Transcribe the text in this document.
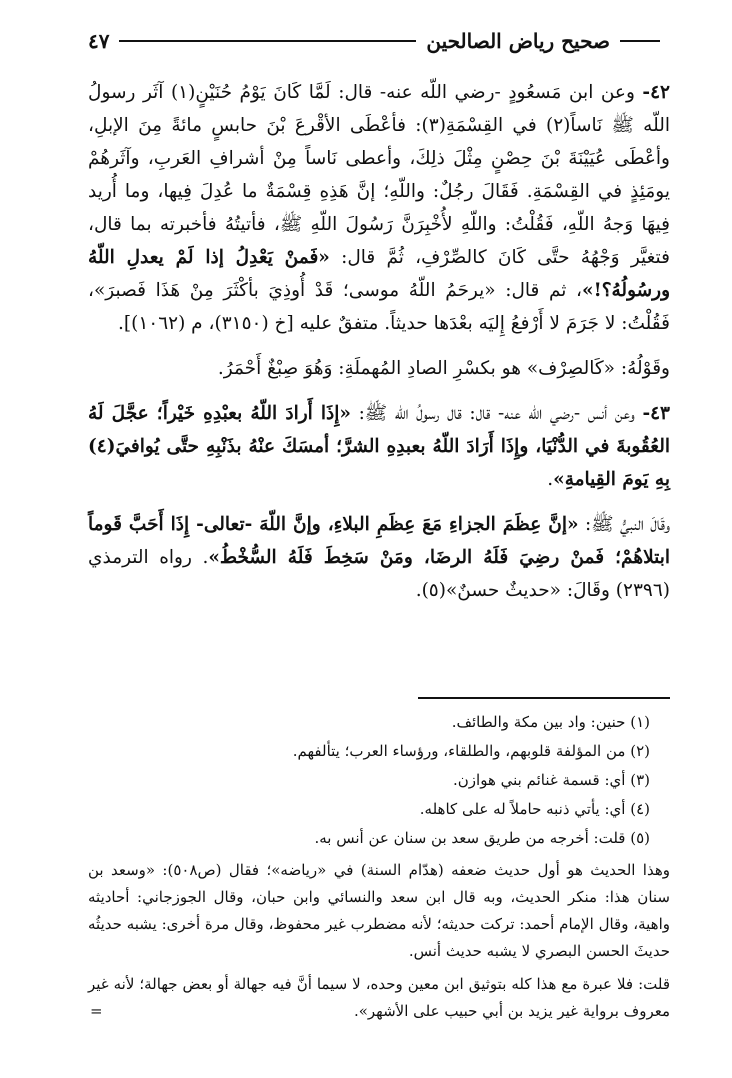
صحيح رياض الصالحين
٤٧

٤٢- وعن ابن مَسعُودٍ -رضي اللّه عنه- قال: لَمَّا كَانَ يَوْمُ حُنَيْنٍ(١) آثَر رسولُ اللّه ﷺ نَاساً(٢) في القِسْمَةِ(٣): فأعْطَى الأقْرعَ بْنَ حابسٍ مائةً مِنَ الإبلِ، وأعْطَى عُيَيْنَةَ بْنَ حِصْنٍ مِثْلَ ذلِكَ، وأعطى نَاساً مِنْ أشرافِ العَربِ، وآثَرهُمْ يومَئِذٍ في القِسْمَةِ. فَقَالَ رجُلٌ: واللّهِ؛ إنَّ هَذِهِ قِسْمَةٌ ما عُدِلَ فِيها، وما أُريد فِيهَا وَجهُ اللّهِ، فَقُلْتُ: واللّهِ لأُخْبِرَنَّ رَسُولَ اللّهِ ﷺ، فأتيتُهُ فأخبرته بما قال، فتغيَّر وَجْهُهُ حتَّى كَانَ كالصِّرْفِ، ثُمَّ قال: «فَمنْ يَعْدِلُ إذا لَمْ يعدلِ اللّهُ ورسُولُهُ؟!»، ثم قال: «يرحَمُ اللّهُ موسى؛ قَدْ أُوذِيَ بأكْثَرَ مِنْ هَذَا فَصبرَ»، فَقُلْتُ: لا جَرَمَ لا أَرْفعُ إِليَه بعْدَها حديثاً. متفقٌ عليه [خ (٣١٥٠)، م (١٠٦٢)].

وقَوْلُهُ: «كَالصِرْف» هو بكسْرِ الصادِ المُهملَةِ: وَهُوَ صِبْغٌ أَحْمَرُ.

٤٣- وعن أنس -رضي اللّه عنه- قال: قال رسولُ اللّه ﷺ: «إِذَا أَرادَ اللّهُ بعبْدِهِ خَيْراً؛ عجَّلَ لَهُ العُقُوبةَ في الدُّنْيَا، وإِذَا أَرَادَ اللّهُ بعبدِهِ الشرَّ؛ أمسَكَ عنْهُ بذَنْبِهِ حتَّى يُوافيَ(٤) بِهِ يَومَ القِيامةِ».

وقَالَ النبيُّ ﷺ: «إنَّ عِظَمَ الجزاءِ مَعَ عِظَمِ البلاءِ، وإنَّ اللّهَ -تعالى- إِذَا أَحَبَّ قَوماً ابتلاهُمْ؛ فَمنْ رضِيَ فَلَهُ الرضَا، ومَنْ سَخِطَ فَلَهُ السُّخْطُ». رواه الترمذي (٢٣٩٦) وقَالَ: «حديثٌ حسنٌ»(٥).

(١) حنين: واد بين مكة والطائف.
(٢) من المؤلفة قلوبهم، والطلقاء، ورؤساء العرب؛ يتألفهم.
(٣) أي: قسمة غنائم بني هوازن.
(٤) أي: يأتي ذنبه حاملاً له على كاهله.
(٥) قلت: أخرجه من طريق سعد بن سنان عن أنس به.
وهذا الحديث هو أول حديث ضعفه (هدّام السنة) في «رياضه»؛ فقال (ص٥٠٨): «وسعد بن سنان هذا: منكر الحديث، وبه قال ابن سعد والنسائي وابن حبان، وقال الجوزجاني: أحاديثه واهية، وقال الإمام أحمد: تركت حديثه؛ لأنه مضطرب غير محفوظ، وقال مرة أخرى: يشبه حديثُه حديثَ الحسن البصري لا يشبه حديث أنس.
قلت: فلا عبرة مع هذا كله بتوثيق ابن معين وحده، لا سيما أنَّ فيه جهالة أو بعض جهالة؛ لأنه غير معروف برواية غير يزيد بن أبي حبيب على الأشهر».
=
